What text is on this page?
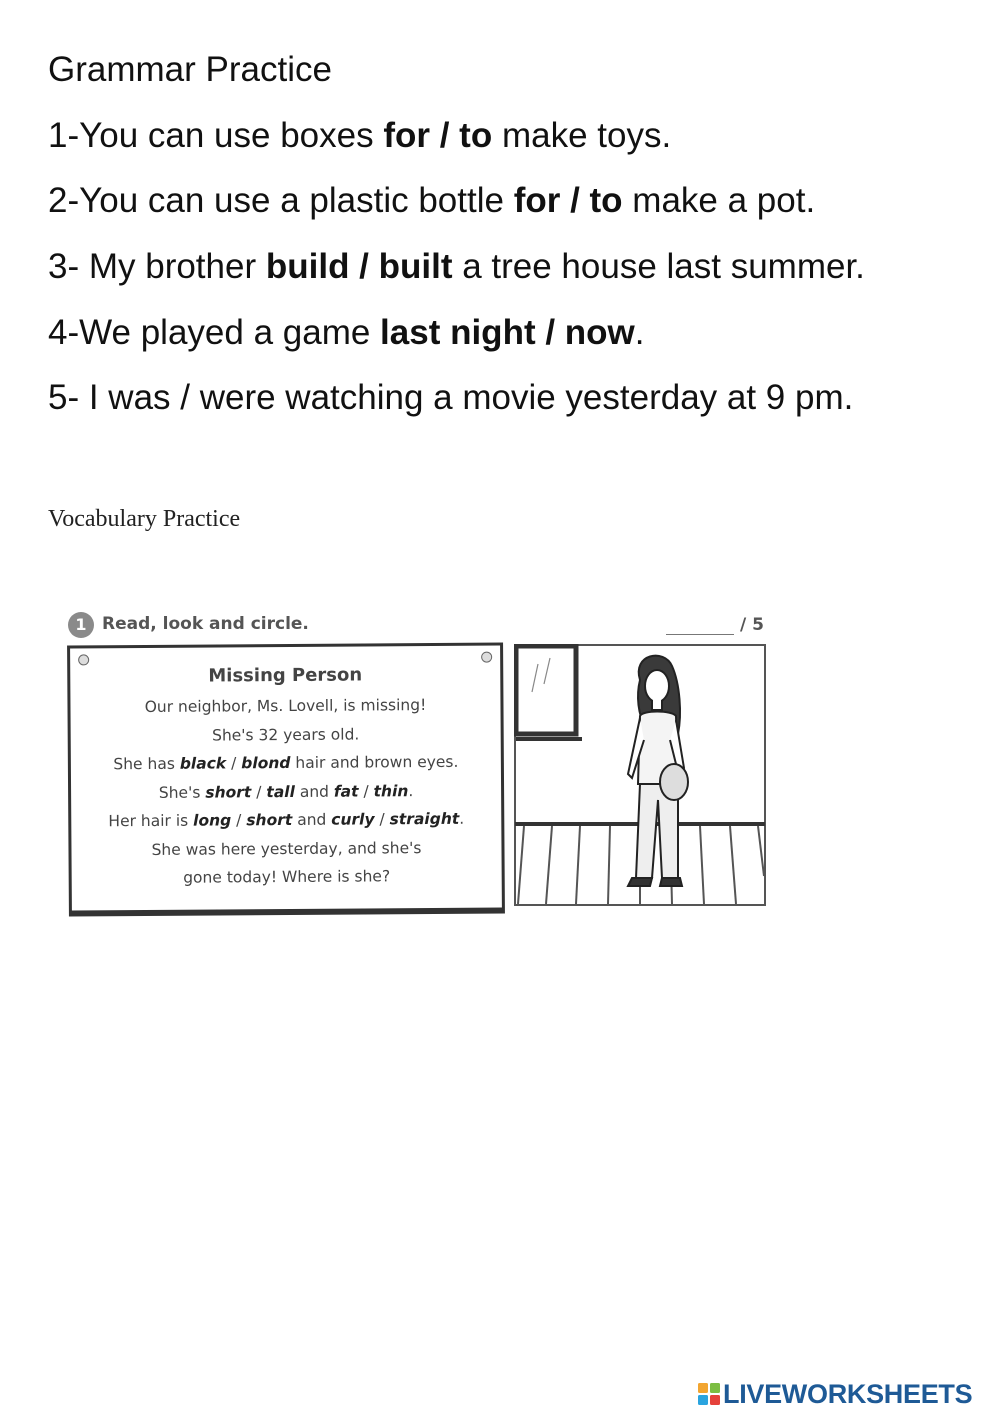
Grammar Practice

1-You can use boxes for / to make toys.

2-You can use a plastic bottle for / to make a pot.

3- My brother build / built a tree house last summer.

4-We played a game last night / now.

5- I was / were watching a movie yesterday at 9 pm.

Vocabulary Practice
1 Read, look and circle.	/ 5

Missing Person

Our neighbor, Ms. Lovell, is missing!

She's 32 years old.

She has black / blond hair and brown eyes.

She's short / tall and fat / thin.

Her hair is long / short and curly / straight.

She was here yesterday, and she's

gone today! Where is she?

LIVEWORKSHEETS
